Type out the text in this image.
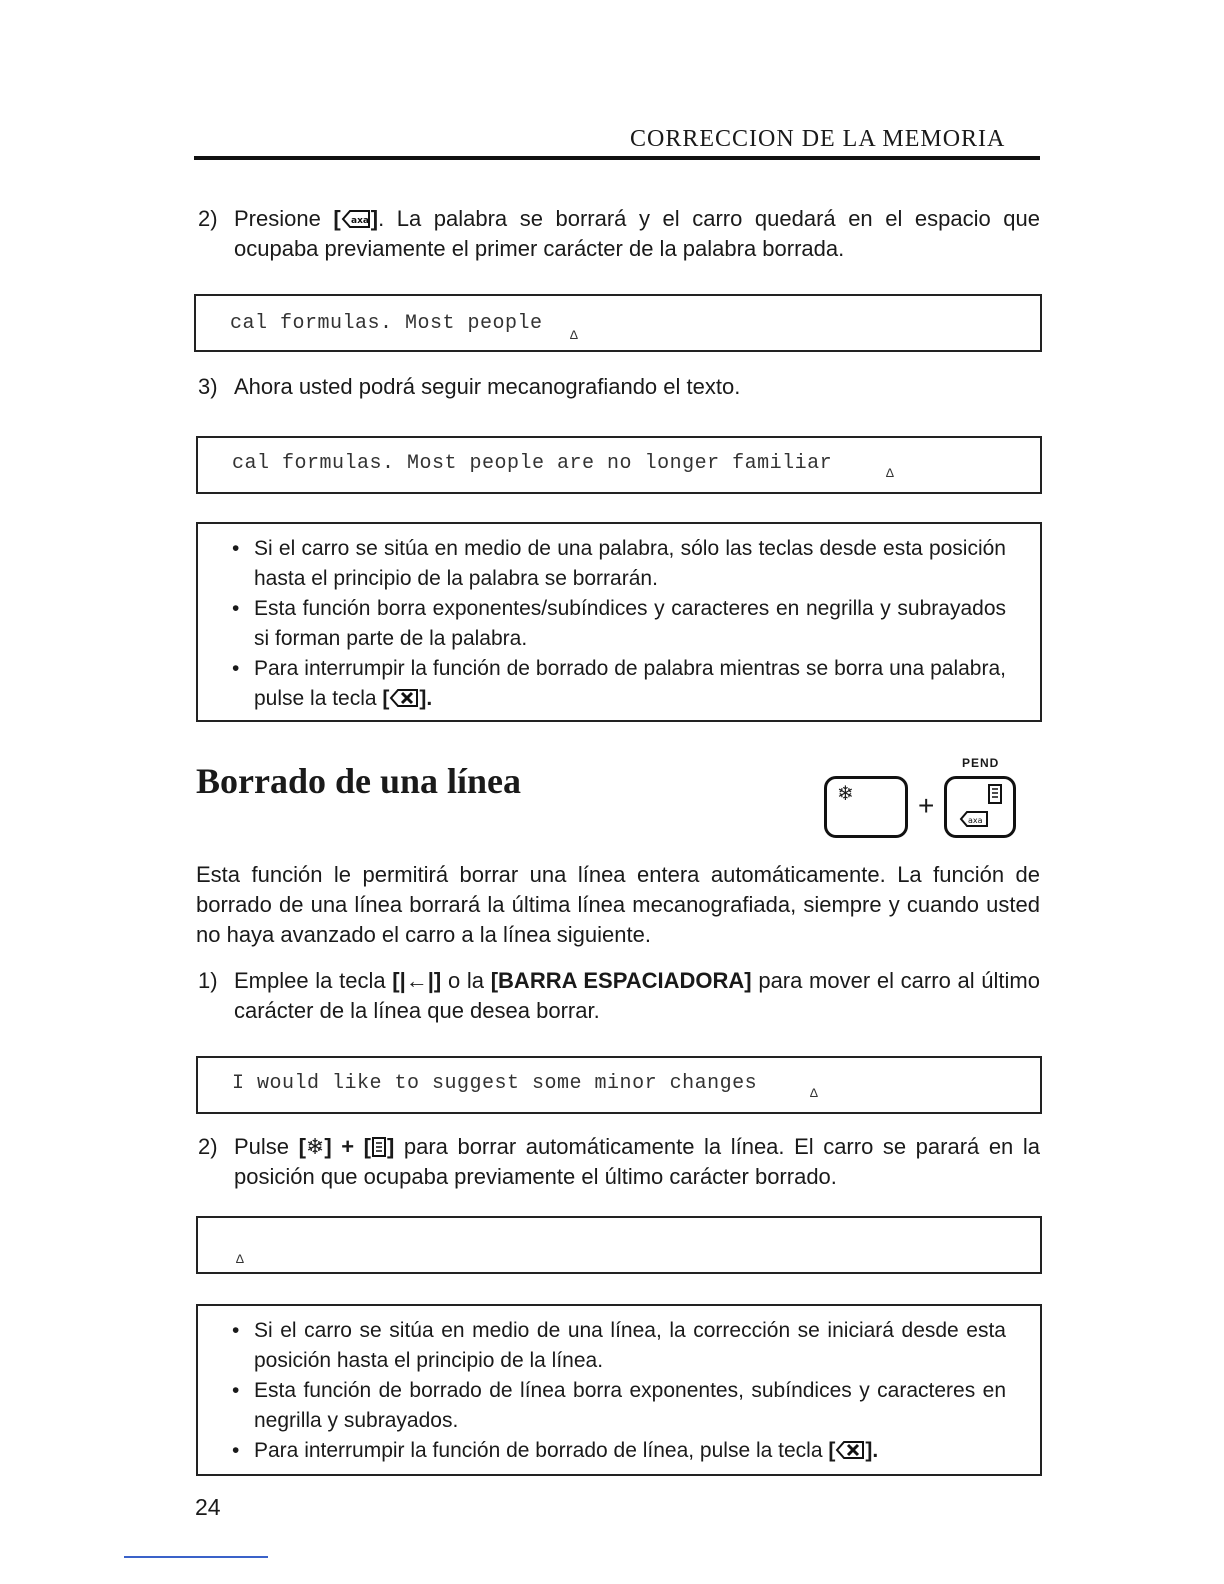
CORRECCION DE LA MEMORIA
2) Presione [ axa ]. La palabra se borrará y el carro quedará en el espacio que ocupaba previamente el primer carácter de la palabra borrada.
cal formulas. Most people
Δ
3) Ahora usted podrá seguir mecanografiando el texto.
cal formulas. Most people are no longer familiar	Δ
• Si el carro se sitúa en medio de una palabra, sólo las teclas desde esta posición hasta el principio de la palabra se borrarán.
• Esta función borra exponentes/subíndices y caracteres en negrilla y subrayados si forman parte de la palabra.
• Para interrumpir la función de borrado de palabra mientras se borra una palabra, pulse la tecla [ ].
Borrado de una línea	PEND
❄ +	axa
Esta función le permitirá borrar una línea entera automáticamente. La función de borrado de una línea borrará la última línea mecanografiada, siempre y cuando usted no haya avanzado el carro a la línea siguiente.
1) Emplee la tecla [|←|] o la [BARRA ESPACIADORA] para mover el carro al último carácter de la línea que desea borrar.
I would like to suggest some minor changes	Δ
2) Pulse [❄] + [ ] para borrar automáticamente la línea. El carro se parará en la posición que ocupaba previamente el último carácter borrado.
Δ
• Si el carro se sitúa en medio de una línea, la corrección se iniciará desde esta posición hasta el principio de la línea.
• Esta función de borrado de línea borra exponentes, subíndices y caracteres en negrilla y subrayados.
• Para interrumpir la función de borrado de línea, pulse la tecla [ ].
24
